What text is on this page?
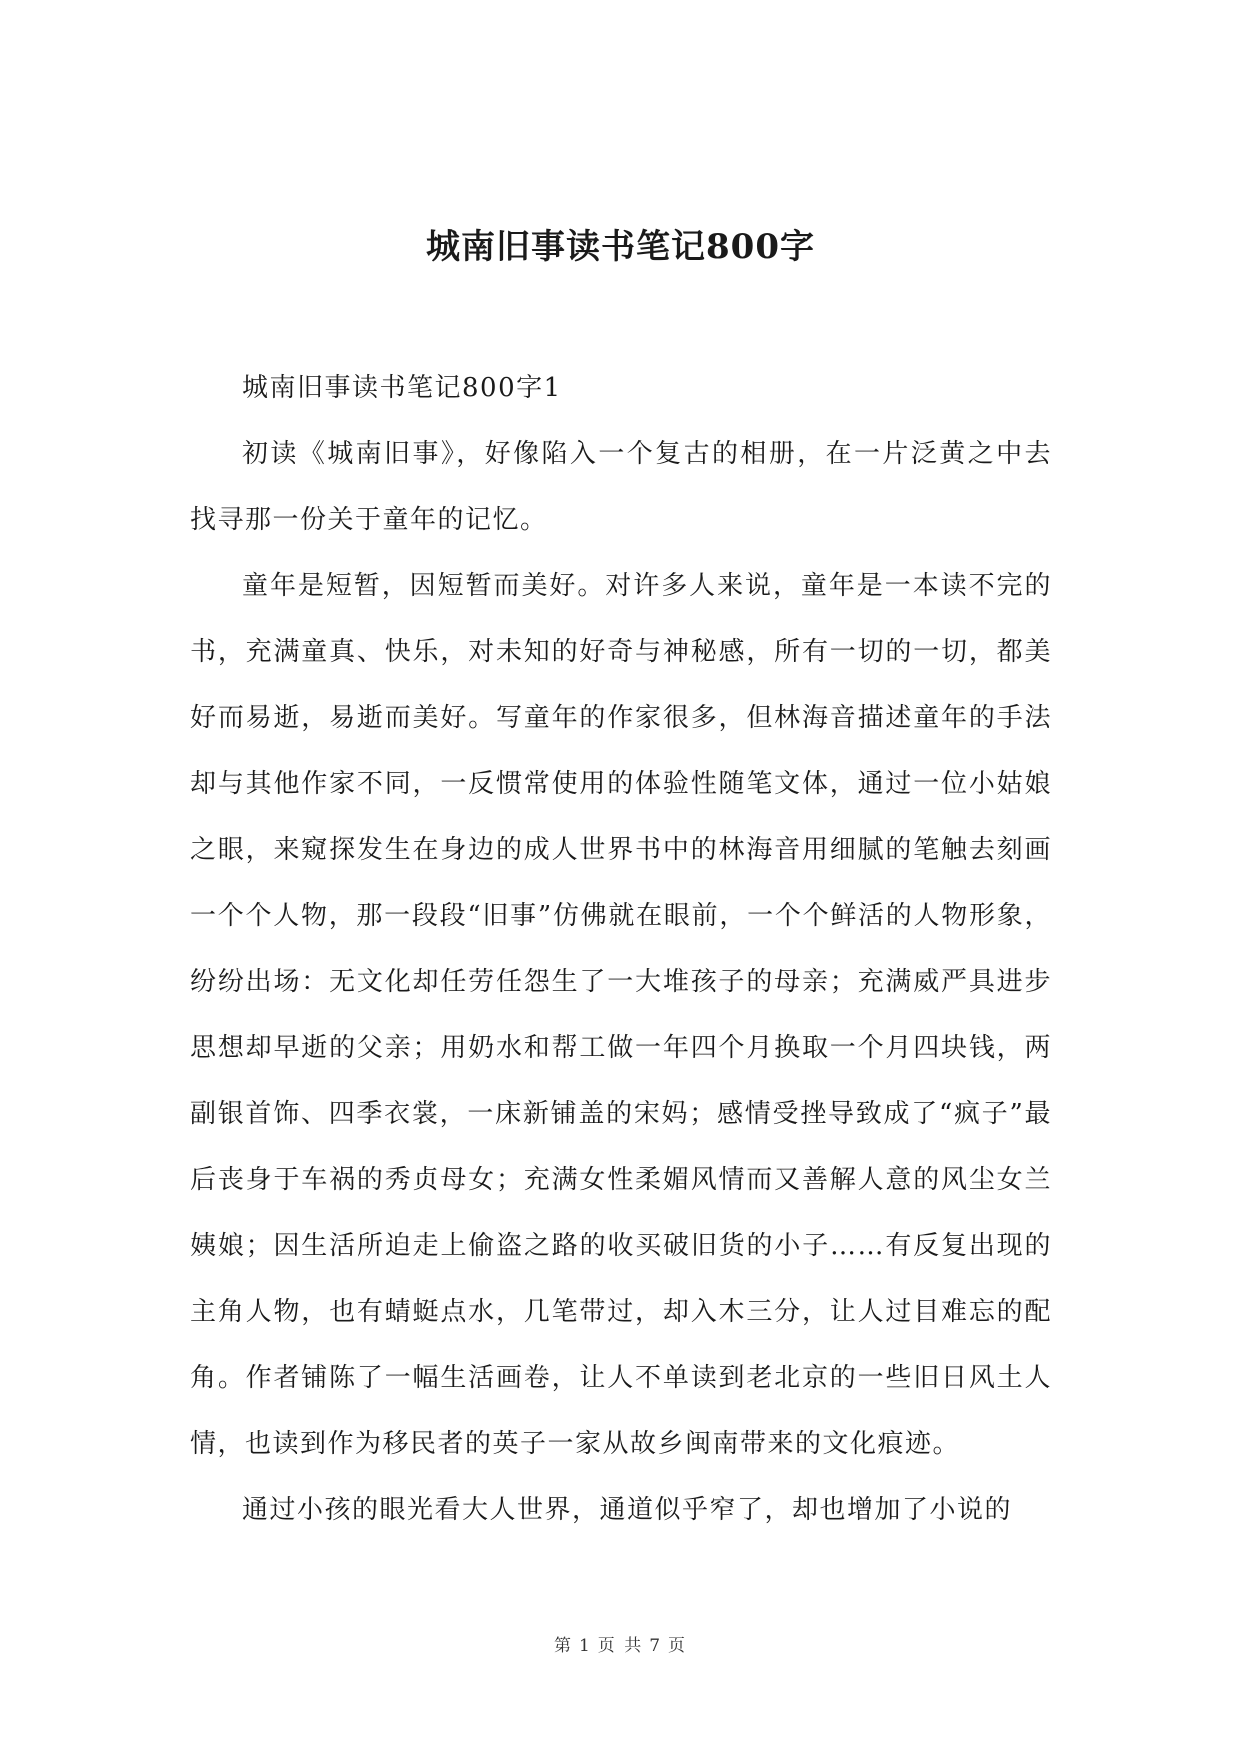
城南旧事读书笔记800字

城南旧事读书笔记800字1

初读《城南旧事》，好像陷入一个复古的相册，在一片泛黄之中去找寻那一份关于童年的记忆。

童年是短暂，因短暂而美好。对许多人来说，童年是一本读不完的书，充满童真、快乐，对未知的好奇与神秘感，所有一切的一切，都美好而易逝，易逝而美好。写童年的作家很多，但林海音描述童年的手法却与其他作家不同，一反惯常使用的体验性随笔文体，通过一位小姑娘之眼，来窥探发生在身边的成人世界书中的林海音用细腻的笔触去刻画一个个人物，那一段段“旧事”仿佛就在眼前，一个个鲜活的人物形象，纷纷出场：无文化却任劳任怨生了一大堆孩子的母亲；充满威严具进步思想却早逝的父亲；用奶水和帮工做一年四个月换取一个月四块钱，两副银首饰、四季衣裳，一床新铺盖的宋妈；感情受挫导致成了“疯子”最后丧身于车祸的秀贞母女；充满女性柔媚风情而又善解人意的风尘女兰姨娘；因生活所迫走上偷盗之路的收买破旧货的小子……有反复出现的主角人物，也有蜻蜓点水，几笔带过，却入木三分，让人过目难忘的配角。作者铺陈了一幅生活画卷，让人不单读到老北京的一些旧日风土人情，也读到作为移民者的英子一家从故乡闽南带来的文化痕迹。

通过小孩的眼光看大人世界，通道似乎窄了，却也增加了小说的

第 1 页 共 7 页
